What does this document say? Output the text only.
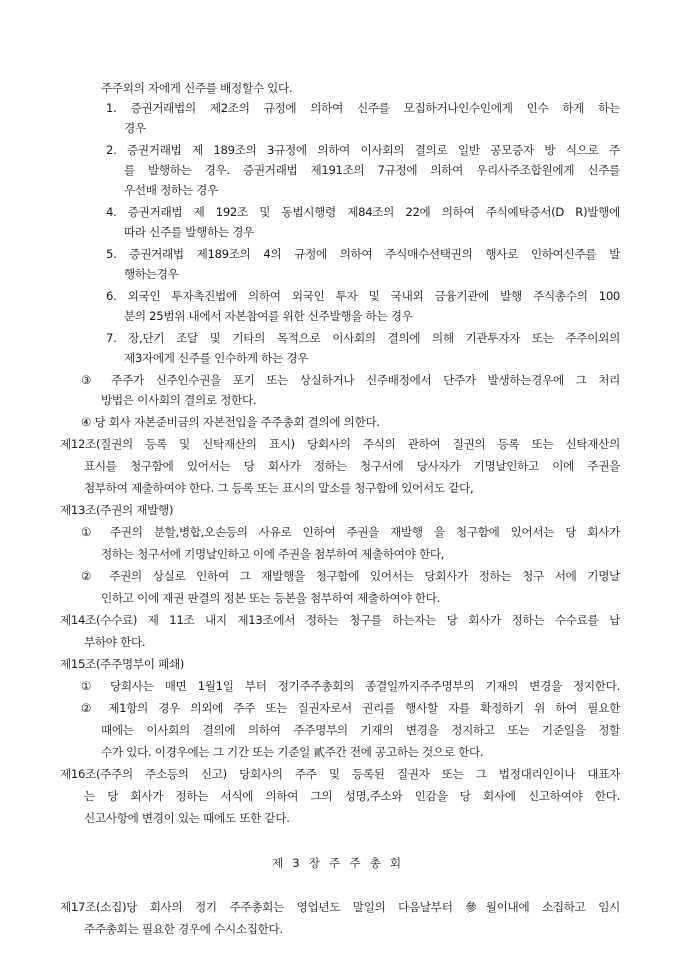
주주외의 자에게 신주를 배정할수 있다.
1. 증권거래법의 제2조의 규정에 의하여 신주를 모집하거나인수인에게 인수 하게 하는
경우
2. 증권거래법 제 189조의 3규정에 의하여 이사회의 결의로 일반 공모증자 방 식으로 주
를 발행하는 경우. 증권거래법 제191조의 7규정에 의하여 우리사주조합원에게 신주를
우선배 정하는 경우
4. 증권거래법 제 192조 및 동법시행령 제84조의 22에 의하여 주식예탁증서(D R)발행에
따라 신주를 발행하는 경우
5. 증권거래법 제189조의 4의 규정에 의하여 주식매수선택권의 행사로 인하여신주를 발
행하는경우
6. 외국인 투자촉진법에 의하여 외국인 투자 및 국내외 금융기관에 발행 주식총수의 100
분의 25범위 내에서 자본참여를 위한 신주발행을 하는 경우
7. 장,단기 조달 및 기타의 목적으로 이사회의 결의에 의해 기관투자자 또는 주주이외의
제3자에게 신주를 인수하게 하는 경우
③ 주주가 신주인수권을 포기 또는 상실하거나 신주배정에서 단주가 발생하는경우에 그 처리
방법은 이사회의 결의로 정한다.
④ 당 회사 자본준비금의 자본전입을 주주총회 결의에 의한다.
제12조(질권의 등록 및 신탁재산의 표시) 당회사의 주식의 관하여 질권의 등록 또는 신탁재산의
표시를 청구함에 있어서는 당 회사가 정하는 청구서에 당사자가 기명날인하고 이에 주권을
첨부하여 제출하여야 한다. 그 등록 또는 표시의 말소를 청구함에 있어서도 같다,
제13조(주권의 재발행)
① 주권의 분할,병합,오손등의 사유로 인하여 주권을 재발행 을 청구함에 있어서는 당 회사가
정하는 청구서에 기명날인하고 이에 주권을 첨부하여 제출하여야 한다,
② 주권의 상실로 인하여 그 재발행을 청구함에 있어서는 당회사가 정하는 청구 서에 기명날
인하고 이에 재권 판결의 정본 또는 등본을 첨부하여 제출하여야 한다.
제14조(수수료) 제 11조 내지 제13조에서 정하는 청구를 하는자는 당 회사가 정하는 수수료를 납
부하야 한다.
제15조(주주명부이 폐쇄)
① 당회사는 매면 1월1일 부터 정기주주총회의 종결일까지주주명부의 기재의 변경을 정지한다.
② 제1항의 경우 의외에 주주 또는 질권자로서 권리를 행사할 자를 확정하기 위 하여 필요한
때에는 이사회의 결의에 의하여 주주명부의 기재의 변경을 정지하고 또는 기준일을 정할
수가 있다. 이경우에는 그 기간 또는 기준일 貳주간 전에 공고하는 것으로 한다.
제16조(주주의 주소등의 신고) 당회사의 주주 및 등록된 질권자 또는 그 법정대리인이나 대표자
는 당 회사가 정하는 서식에 의하여 그의 성명,주소와 인감을 당 회사에 신고하여야 한다.
신고사항에 변경이 있는 때에도 또한 같다.
제 3 장 주 주 총 회
제17조(소집)당 회사의 정기 주주총회는 영업년도 말일의 다음날부터 參월이내에 소집하고 임시
주주총회는 필요한 경우에 수시소집한다.
